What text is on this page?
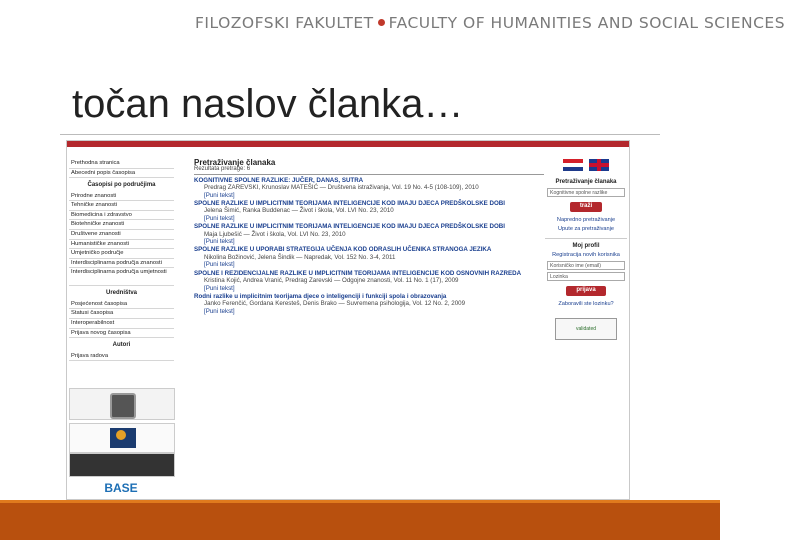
FILOZOFSKI FAKULTET FACULTY OF HUMANITIES AND SOCIAL SCIENCES
točan naslov članka…
Prethodna stranica
Abecedni popis časopisa
Časopisi po područjima
Prirodne znanosti
Tehničke znanosti
Biomedicina i zdravstvo
Biotehničke znanosti
Društvene znanosti
Humanističke znanosti
Umjetničko područje
Interdisciplinarna područja znanosti
Interdisciplinarna područja umjetnosti
Uredništva
Posjećenost časopisa
Statusi časopisa
Interoperabilnost
Prijava novog časopisa
Autori
Prijava radova
BASE
Pretraživanje članaka
Rezultata pretrage: 6
KOGNITIVNE SPOLNE RAZLIKE: JUČER, DANAS, SUTRA
Predrag ZAREVSKI, Krunoslav MATEŠIĆ — Društvena istraživanja, Vol. 19 No. 4-5 (108-109), 2010
[Puni tekst]
SPOLNE RAZLIKE U IMPLICITNIM TEORIJAMA INTELIGENCIJE KOD IMAJU DJECA PREDŠKOLSKE DOBI
Jelena Šimić, Ranka Buddenac — Život i škola, Vol. LVI No. 23, 2010
[Puni tekst]
SPOLNE RAZLIKE U IMPLICITNIM TEORIJAMA INTELIGENCIJE KOD IMAJU DJECA PREDŠKOLSKE DOBI
Maja Ljubešić — Život i škola, Vol. LVI No. 23, 2010
[Puni tekst]
SPOLNE RAZLIKE U UPORABI STRATEGIJA UČENJA KOD ODRASLIH UČENIKA STRANOGA JEZIKA
Nikolina Božinović, Jelena Šindik — Napredak, Vol. 152 No. 3-4, 2011
[Puni tekst]
SPOLNE I REZIDENCIJALNE RAZLIKE U IMPLICITNIM TEORIJAMA INTELIGENCIJE KOD OSNOVNIH RAZREDA
Kristina Kojić, Andrea Vranić, Predrag Zarevski — Odgojne znanosti, Vol. 11 No. 1 (17), 2009
[Puni tekst]
Rodni razlike u implicitnim teorijama djece o inteligenciji i funkciji spola i obrazovanja
Janko Ferenčić, Gordana Keresteš, Denis Brako — Suvremena psihologija, Vol. 12 No. 2, 2009
[Puni tekst]

Pretraživanje članaka
Kognitivne spolne razlike
traži
Napredno pretraživanje
Upute za pretraživanje
Moj profil
Registracija novih korisnika
Korisničko ime (email)
Lozinka
prijava
Zaboravili ste lozinku?
validated
